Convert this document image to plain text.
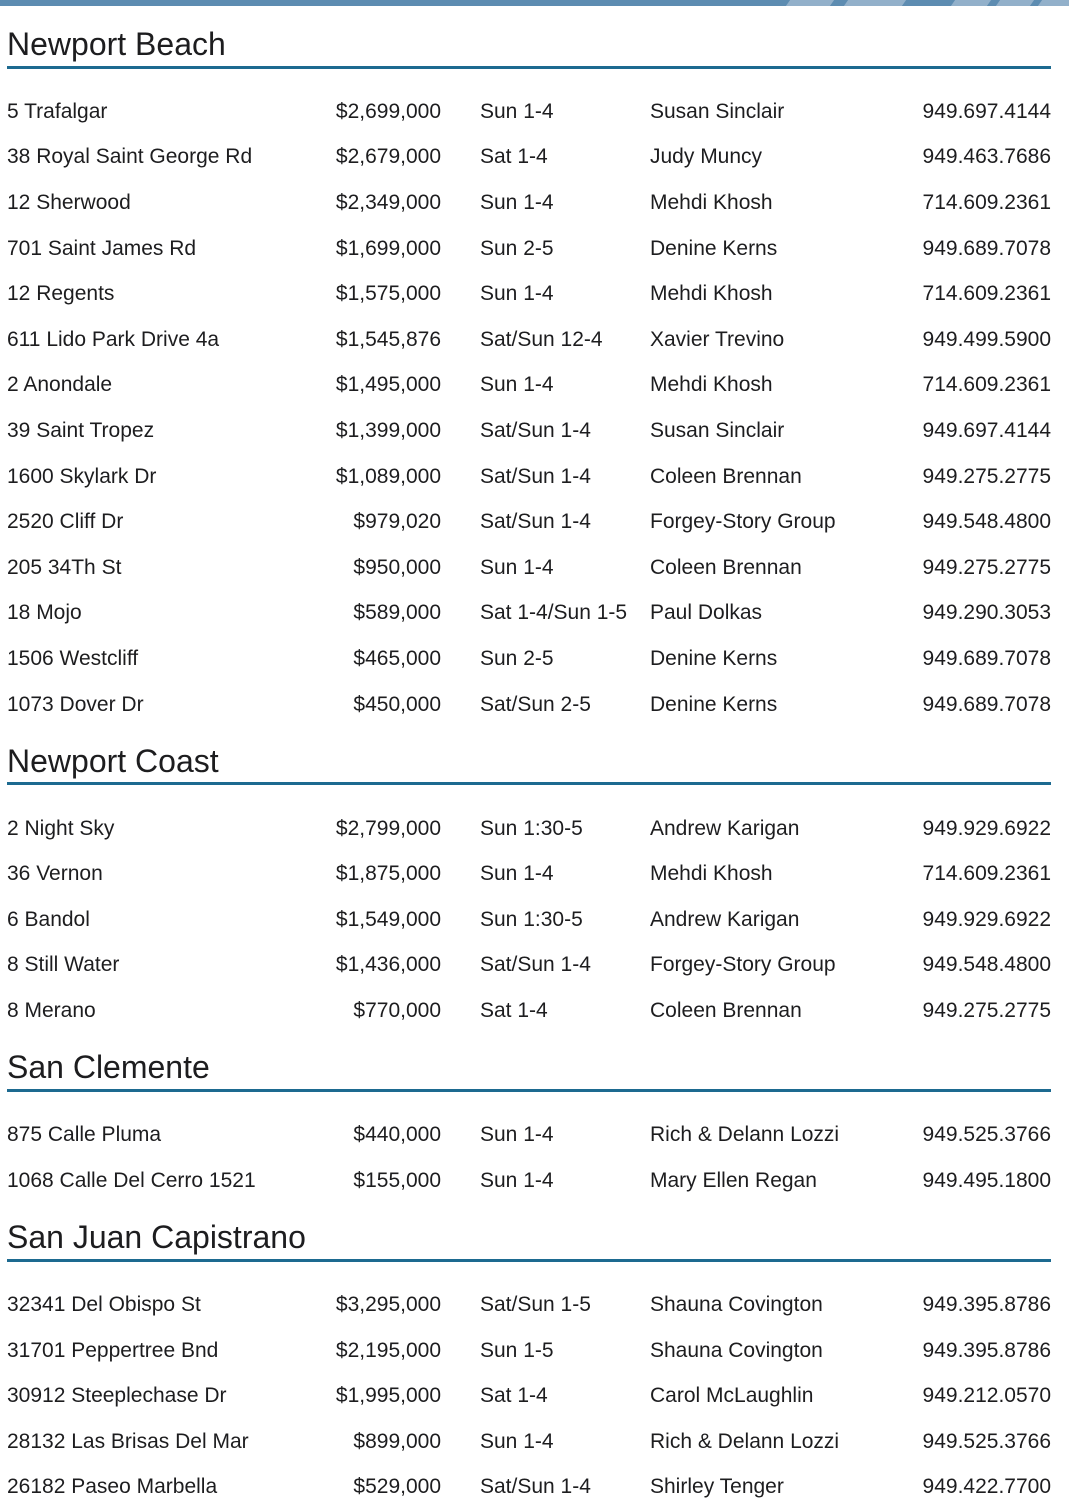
Newport Beach
5 Trafalgar	$2,699,000	Sun 1-4	Susan Sinclair	949.697.4144
38 Royal Saint George Rd	$2,679,000	Sat 1-4	Judy Muncy	949.463.7686
12 Sherwood	$2,349,000	Sun 1-4	Mehdi Khosh	714.609.2361
701 Saint James Rd	$1,699,000	Sun 2-5	Denine Kerns	949.689.7078
12 Regents	$1,575,000	Sun 1-4	Mehdi Khosh	714.609.2361
611 Lido Park Drive 4a	$1,545,876	Sat/Sun 12-4	Xavier Trevino	949.499.5900
2 Anondale	$1,495,000	Sun 1-4	Mehdi Khosh	714.609.2361
39 Saint Tropez	$1,399,000	Sat/Sun 1-4	Susan Sinclair	949.697.4144
1600 Skylark Dr	$1,089,000	Sat/Sun 1-4	Coleen Brennan	949.275.2775
2520 Cliff Dr	$979,020	Sat/Sun 1-4	Forgey-Story Group	949.548.4800
205 34Th St	$950,000	Sun 1-4	Coleen Brennan	949.275.2775
18 Mojo	$589,000	Sat 1-4/Sun 1-5	Paul Dolkas	949.290.3053
1506 Westcliff	$465,000	Sun 2-5	Denine Kerns	949.689.7078
1073 Dover Dr	$450,000	Sat/Sun 2-5	Denine Kerns	949.689.7078
Newport Coast
2 Night Sky	$2,799,000	Sun 1:30-5	Andrew Karigan	949.929.6922
36 Vernon	$1,875,000	Sun 1-4	Mehdi Khosh	714.609.2361
6 Bandol	$1,549,000	Sun 1:30-5	Andrew Karigan	949.929.6922
8 Still Water	$1,436,000	Sat/Sun 1-4	Forgey-Story Group	949.548.4800
8 Merano	$770,000	Sat 1-4	Coleen Brennan	949.275.2775
San Clemente
875 Calle Pluma	$440,000	Sun 1-4	Rich & Delann Lozzi	949.525.3766
1068 Calle Del Cerro 1521	$155,000	Sun 1-4	Mary Ellen Regan	949.495.1800
San Juan Capistrano
32341 Del Obispo St	$3,295,000	Sat/Sun 1-5	Shauna Covington	949.395.8786
31701 Peppertree Bnd	$2,195,000	Sun 1-5	Shauna Covington	949.395.8786
30912 Steeplechase Dr	$1,995,000	Sat 1-4	Carol McLaughlin	949.212.0570
28132 Las Brisas Del Mar	$899,000	Sun 1-4	Rich & Delann Lozzi	949.525.3766
26182 Paseo Marbella	$529,000	Sat/Sun 1-4	Shirley Tenger	949.422.7700
